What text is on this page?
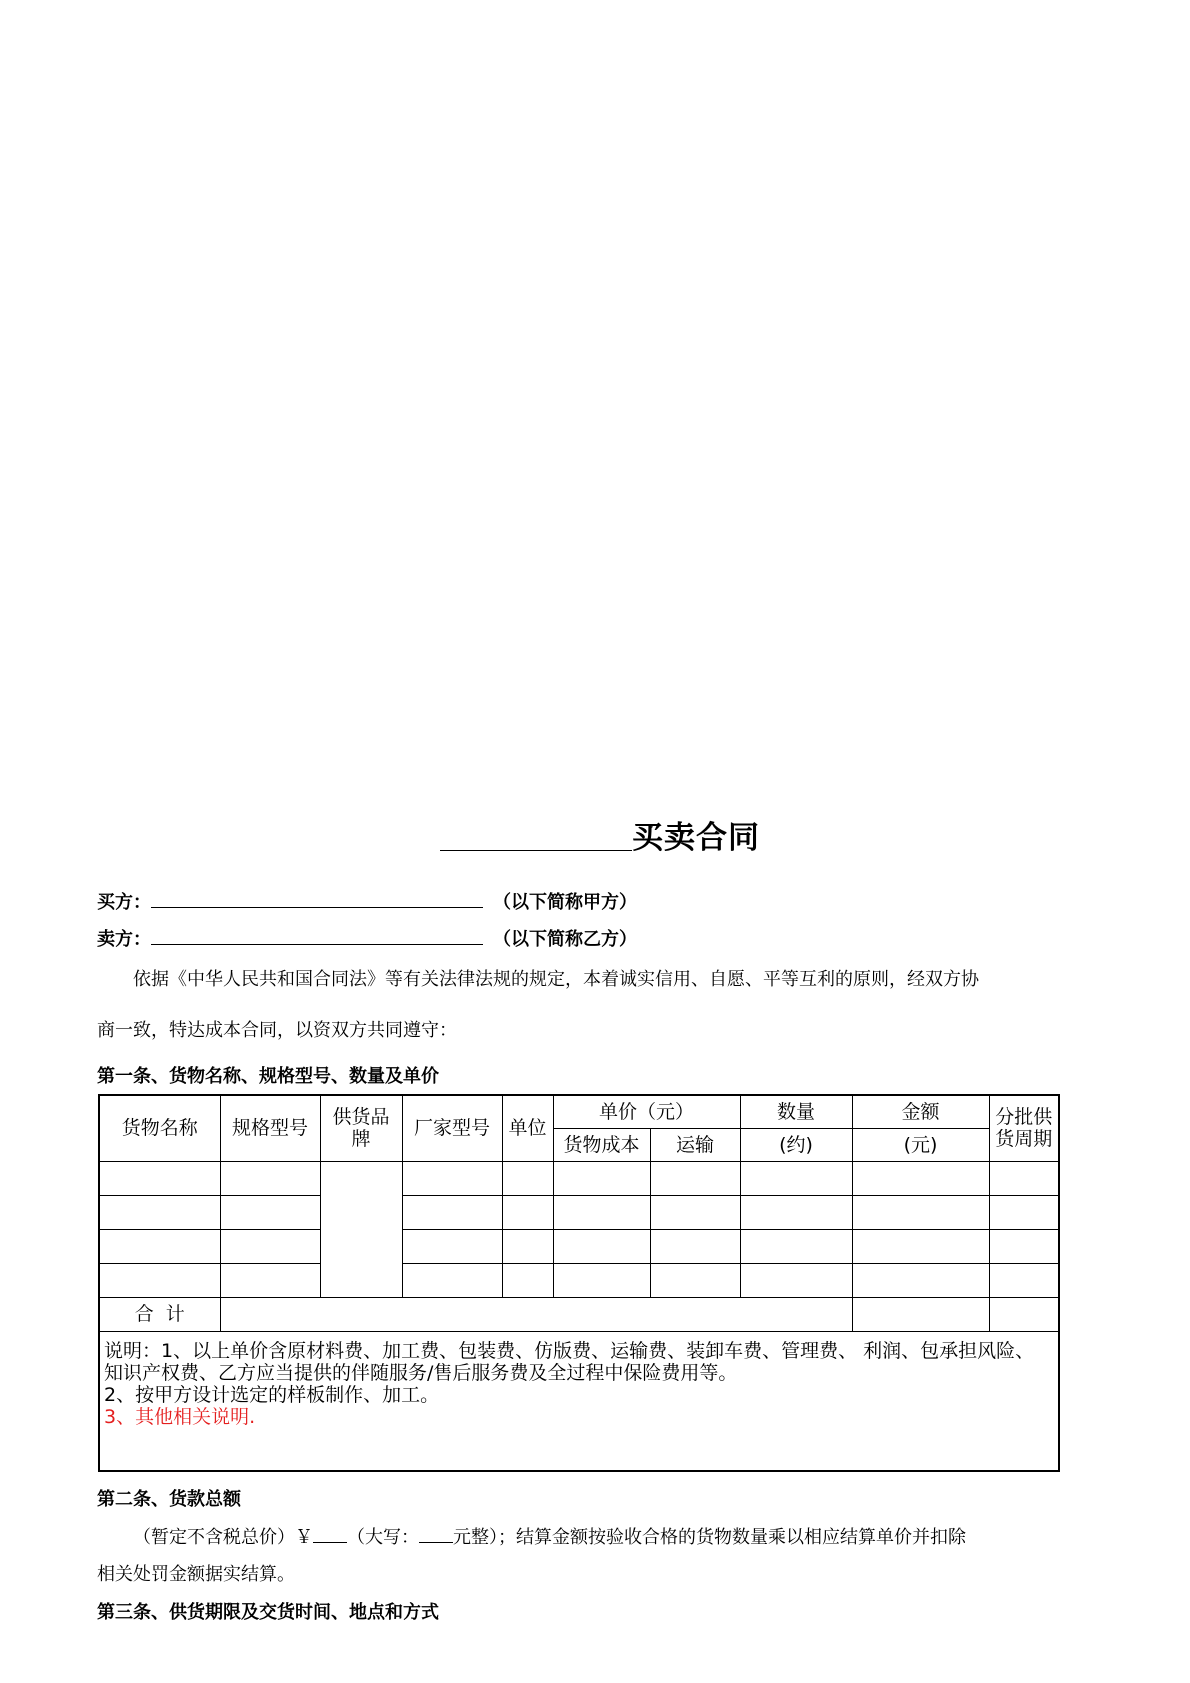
买卖合同
买方：	（以下简称甲方）
卖方：	（以下简称乙方）
依据《中华人民共和国合同法》等有关法律法规的规定，本着诚实信用、自愿、平等互利的原则，经双方协
商一致，特达成本合同，以资双方共同遵守：
第一条、货物名称、规格型号、数量及单价
货物名称	规格型号	供货品牌	厂家型号	单位	单价（元）		数量	金额	分批供货周期
					货物成本	运输	(约)	(元)	

合  计									

说明：1、以上单价含原材料费、加工费、包装费、仿版费、运输费、装卸车费、管理费、 利润、包承担风险、
知识产权费、乙方应当提供的伴随服务/售后服务费及全过程中保险费用等。
2、按甲方设计选定的样板制作、加工。
3、其他相关说明.									
第二条、货款总额
（暂定不含税总价）￥ （大写： 元整）；结算金额按验收合格的货物数量乘以相应结算单价并扣除
相关处罚金额据实结算。
第三条、供货期限及交货时间、地点和方式
